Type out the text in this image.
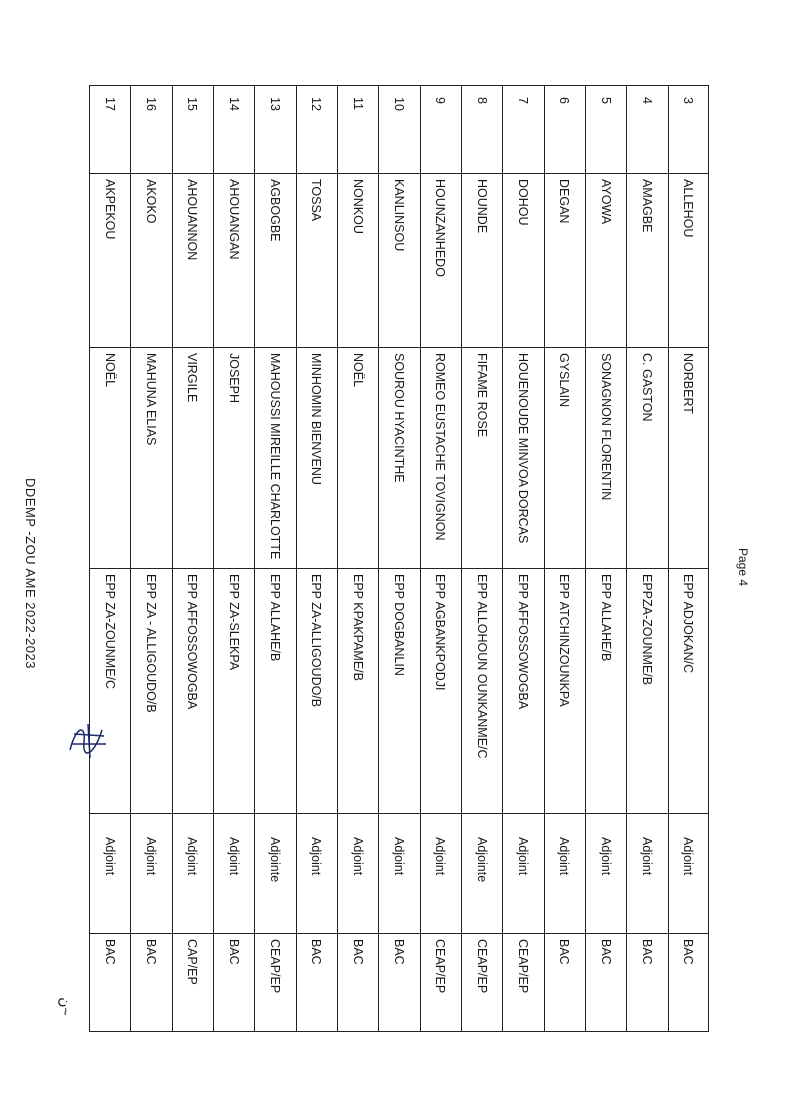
Page 4
DDEMP -ZOU AME 2022-2023
ن~
3
ALLEHOU
NORBERT
EPP ADJOKAN/C
Adjoint
BAC
4
AMAGBE
C. GASTON
EPPZA-ZOUNME/B
Adjoint
BAC
5
AYOWA
SONAGNON FLORENTIN
EPP ALLAHE/B
Adjoint
BAC
6
DEGAN
GYSLAIN
EPP ATCHINZOUNKPA
Adjoint
BAC
7
DOHOU
HOUENOUDE MINVOA DORCAS
EPP AFFOSSOWOGBA
Adjoint
CEAP/EP
8
HOUNDE
FIFAME ROSE
EPP ALLOHOUN OUNKANME/C
Adjointe
CEAP/EP
9
HOUNZANHEDO
ROMEO EUSTACHE TOVIGNON
EPP AGBANKPODJI
Adjoint
CEAP/EP
10
KANLINSOU
SOUROU HYACINTHE
EPP DOGBANLIN
Adjoint
BAC
11
NONKOU
NOËL
EPP KPAKPAME/B
Adjoint
BAC
12
TOSSA
MINHOMIN BIENVENU
EPP ZA-ALLIGOUDO/B
Adjoint
BAC
13
AGBOGBE
MAHOUSSI MIREILLE CHARLOTTE
EPP ALLAHE/B
Adjointe
CEAP/EP
14
AHOUANGAN
JOSEPH
EPP ZA-SLEKPA
Adjoint
BAC
15
AHOUANNON
VIRGILE
EPP AFFOSSOWOGBA
Adjoint
CAP/EP
16
AKOKO
MAHUNA ELIAS
EPP ZA - ALLIGOUDO/B
Adjoint
BAC
17
AKPEKOU
NOËL
EPP ZA-ZOUNME/C
Adjoint
BAC
